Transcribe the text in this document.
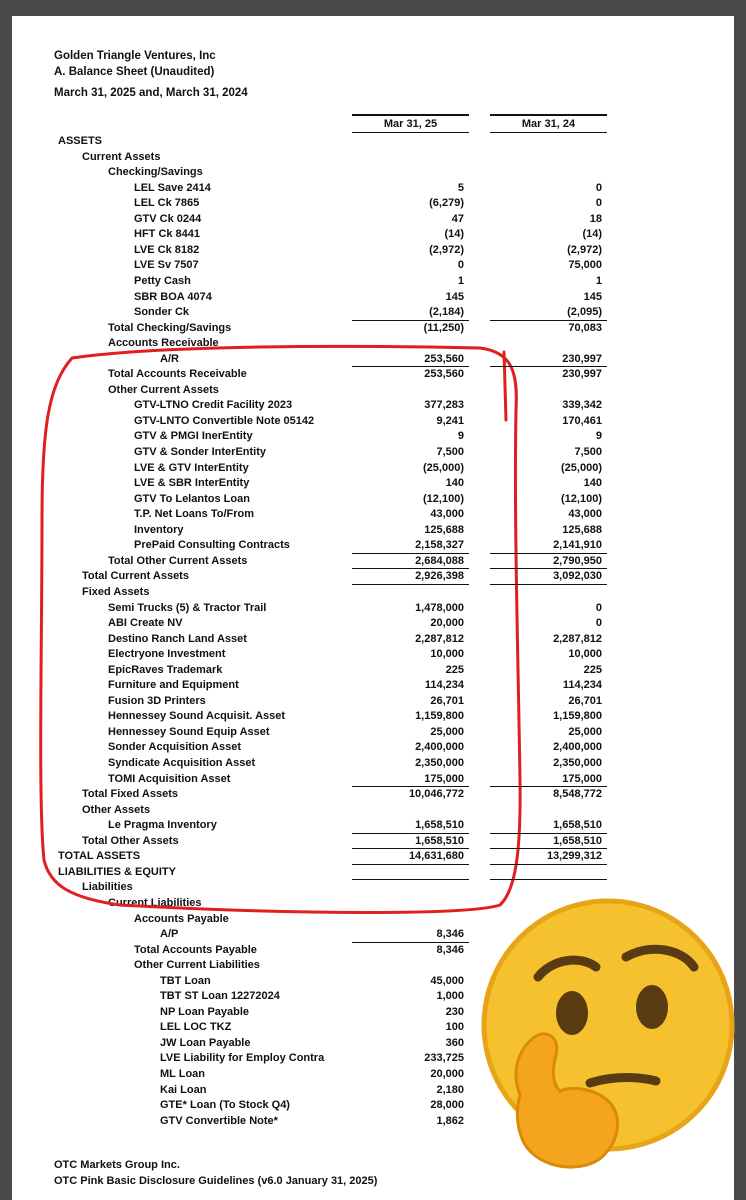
Golden Triangle Ventures, Inc
A. Balance Sheet (Unaudited)
March 31, 2025 and, March 31, 2024
Mar 31, 25	Mar 31, 24
ASSETS
Current Assets
Checking/Savings
LEL Save 2414	5	0
LEL Ck 7865	(6,279)	0
GTV Ck 0244	47	18
HFT Ck 8441	(14)	(14)
LVE Ck 8182	(2,972)	(2,972)
LVE Sv 7507	0	75,000
Petty Cash	1	1
SBR BOA 4074	145	145
Sonder Ck	(2,184)	(2,095)
Total Checking/Savings	(11,250)	70,083
Accounts Receivable
A/R	253,560	230,997
Total Accounts Receivable	253,560	230,997
Other Current Assets
GTV-LTNO Credit Facility 2023	377,283	339,342
GTV-LNTO Convertible Note 05142	9,241	170,461
GTV & PMGI InerEntity	9	9
GTV & Sonder InterEntity	7,500	7,500
LVE & GTV InterEntity	(25,000)	(25,000)
LVE & SBR InterEntity	140	140
GTV To Lelantos Loan	(12,100)	(12,100)
T.P. Net Loans To/From	43,000	43,000
Inventory	125,688	125,688
PrePaid Consulting Contracts	2,158,327	2,141,910
Total Other Current Assets	2,684,088	2,790,950
Total Current Assets	2,926,398	3,092,030
Fixed Assets
Semi Trucks (5) & Tractor Trail	1,478,000	0
ABI Create NV	20,000	0
Destino Ranch Land Asset	2,287,812	2,287,812
Electryone Investment	10,000	10,000
EpicRaves Trademark	225	225
Furniture and Equipment	114,234	114,234
Fusion 3D Printers	26,701	26,701
Hennessey Sound Acquisit. Asset	1,159,800	1,159,800
Hennessey Sound Equip Asset	25,000	25,000
Sonder Acquisition Asset	2,400,000	2,400,000
Syndicate Acquisition Asset	2,350,000	2,350,000
TOMI Acquisition Asset	175,000	175,000
Total Fixed Assets	10,046,772	8,548,772
Other Assets
Le Pragma Inventory	1,658,510	1,658,510
Total Other Assets	1,658,510	1,658,510
TOTAL ASSETS	14,631,680	13,299,312
LIABILITIES & EQUITY
Liabilities
Current Liabilities
Accounts Payable
A/P	8,346
Total Accounts Payable	8,346
Other Current Liabilities
TBT Loan	45,000
TBT ST Loan 12272024	1,000
NP Loan Payable	230
LEL LOC TKZ	100
JW Loan Payable	360
LVE Liability for Employ Contra	233,725
ML Loan	20,000
Kai Loan	2,180
GTE* Loan (To Stock Q4)	28,000
GTV Convertible Note*	1,862
OTC Markets Group Inc.
OTC Pink Basic Disclosure Guidelines (v6.0 January 31, 2025)
